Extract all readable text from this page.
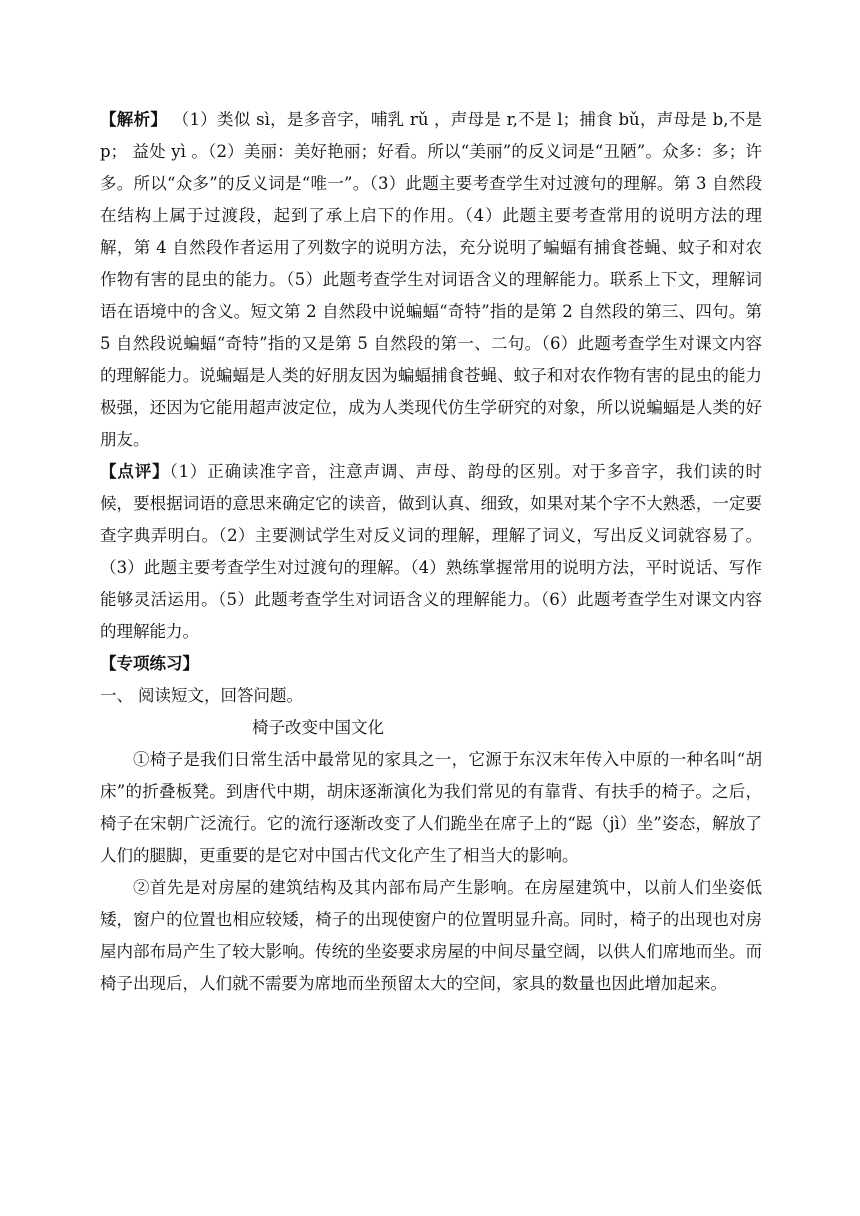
【解析】 （1）类似 sì，是多音字，哺乳 rǔ ，声母是 r,不是 l；捕食 bǔ，声母是 b,不是 p； 益处 yì 。（2）美丽：美好艳丽；好看。所以“美丽”的反义词是“丑陋”。众多：多；许多。所以“众多”的反义词是“唯一”。（3）此题主要考查学生对过渡句的理解。第 3 自然段在结构上属于过渡段，起到了承上启下的作用。（4）此题主要考查常用的说明方法的理解，第 4 自然段作者运用了列数字的说明方法，充分说明了蝙蝠有捕食苍蝇、蚊子和对农作物有害的昆虫的能力。（5）此题考查学生对词语含义的理解能力。联系上下文，理解词语在语境中的含义。短文第 2 自然段中说蝙蝠“奇特”指的是第 2 自然段的第三、四句。第 5 自然段说蝙蝠“奇特”指的又是第 5 自然段的第一、二句。（6）此题考查学生对课文内容的理解能力。说蝙蝠是人类的好朋友因为蝙蝠捕食苍蝇、蚊子和对农作物有害的昆虫的能力极强，还因为它能用超声波定位，成为人类现代仿生学研究的对象，所以说蝙蝠是人类的好朋友。

【点评】（1）正确读准字音，注意声调、声母、韵母的区别。对于多音字，我们读的时候，要根据词语的意思来确定它的读音，做到认真、细致，如果对某个字不大熟悉，一定要查字典弄明白。（2）主要测试学生对反义词的理解，理解了词义，写出反义词就容易了。（3）此题主要考查学生对过渡句的理解。（4）熟练掌握常用的说明方法，平时说话、写作能够灵活运用。（5）此题考查学生对词语含义的理解能力。（6）此题考查学生对课文内容的理解能力。

【专项练习】

一、 阅读短文，回答问题。

椅子改变中国文化

①椅子是我们日常生活中最常见的家具之一，它源于东汉末年传入中原的一种名叫“胡床”的折叠板凳。到唐代中期，胡床逐渐演化为我们常见的有靠背、有扶手的椅子。之后，椅子在宋朝广泛流行。它的流行逐渐改变了人们跪坐在席子上的“跽（jì）坐”姿态，解放了人们的腿脚，更重要的是它对中国古代文化产生了相当大的影响。

②首先是对房屋的建筑结构及其内部布局产生影响。在房屋建筑中，以前人们坐姿低矮，窗户的位置也相应较矮，椅子的出现使窗户的位置明显升高。同时，椅子的出现也对房屋内部布局产生了较大影响。传统的坐姿要求房屋的中间尽量空阔，以供人们席地而坐。而椅子出现后，人们就不需要为席地而坐预留太大的空间，家具的数量也因此增加起来。
